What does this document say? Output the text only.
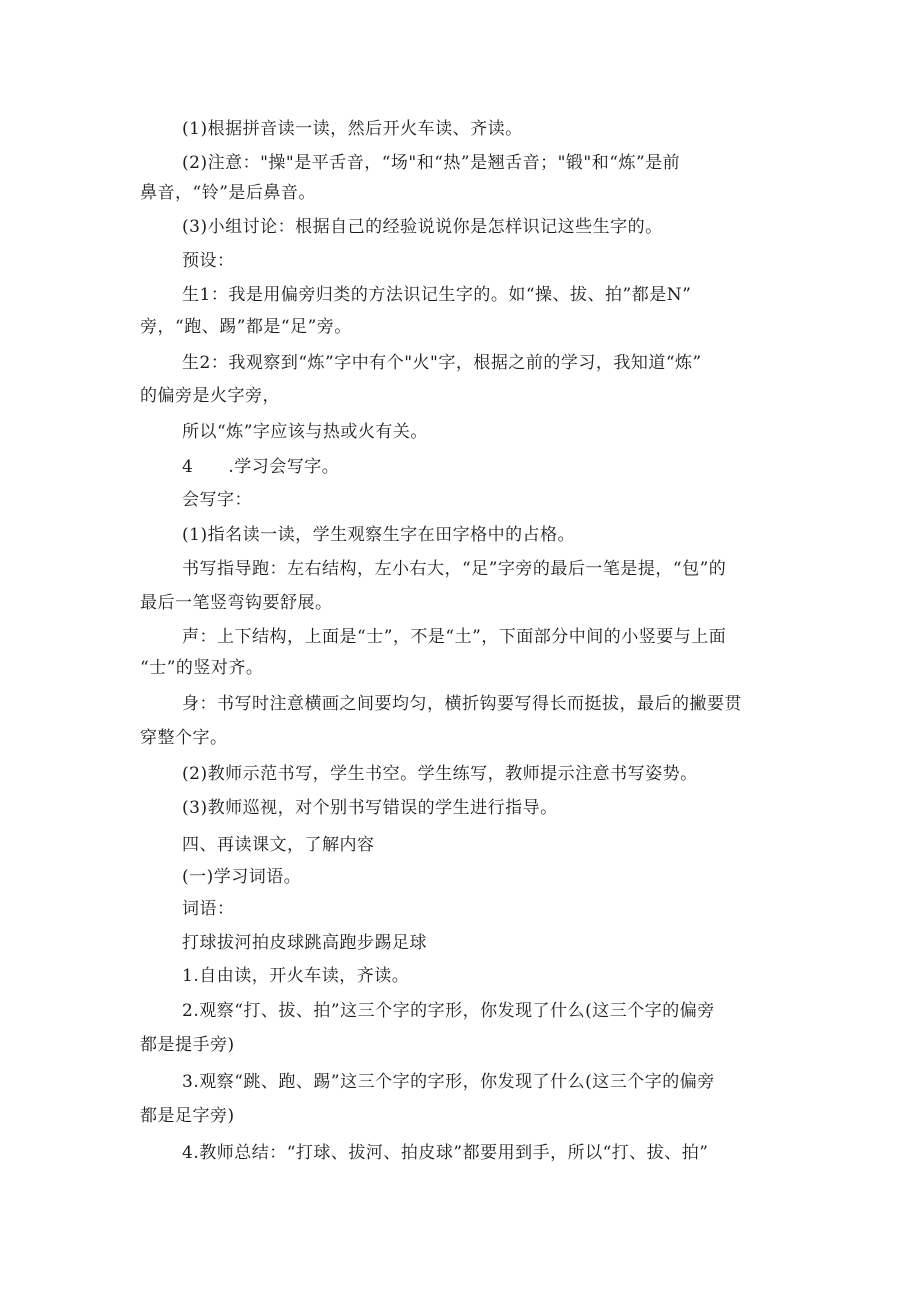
(1)根据拼音读一读，然后开火车读、齐读。
(2)注意："操"是平舌音，“场"和“热”是翘舌音；"锻"和“炼”是前
鼻音，“铃”是后鼻音。
(3)小组讨论：根据自己的经验说说你是怎样识记这些生字的。
预设：
生1：我是用偏旁归类的方法识记生字的。如“操、拔、拍”都是N”
旁，“跑、踢”都是“足”旁。
生2：我观察到“炼”字中有个"火"字，根据之前的学习，我知道“炼”
的偏旁是火字旁，
所以“炼”字应该与热或火有关。
4　　.学习会写字。
会写字：
(1)指名读一读，学生观察生字在田字格中的占格。
书写指导跑：左右结构，左小右大，“足”字旁的最后一笔是提，“包”的
最后一笔竖弯钩要舒展。
声：上下结构，上面是“士”，不是“土”，下面部分中间的小竖要与上面
“士”的竖对齐。
身：书写时注意横画之间要均匀，横折钩要写得长而挺拔，最后的撇要贯
穿整个字。
(2)教师示范书写，学生书空。学生练写，教师提示注意书写姿势。
(3)教师巡视，对个别书写错误的学生进行指导。
四、再读课文，了解内容
(一)学习词语。
词语：
打球拔河拍皮球跳高跑步踢足球
1.自由读，开火车读，齐读。
2.观察“打、拔、拍”这三个字的字形，你发现了什么(这三个字的偏旁
都是提手旁)
3.观察“跳、跑、踢”这三个字的字形，你发现了什么(这三个字的偏旁
都是足字旁)
4.教师总结：“打球、拔河、拍皮球”都要用到手，所以“打、拔、拍”
